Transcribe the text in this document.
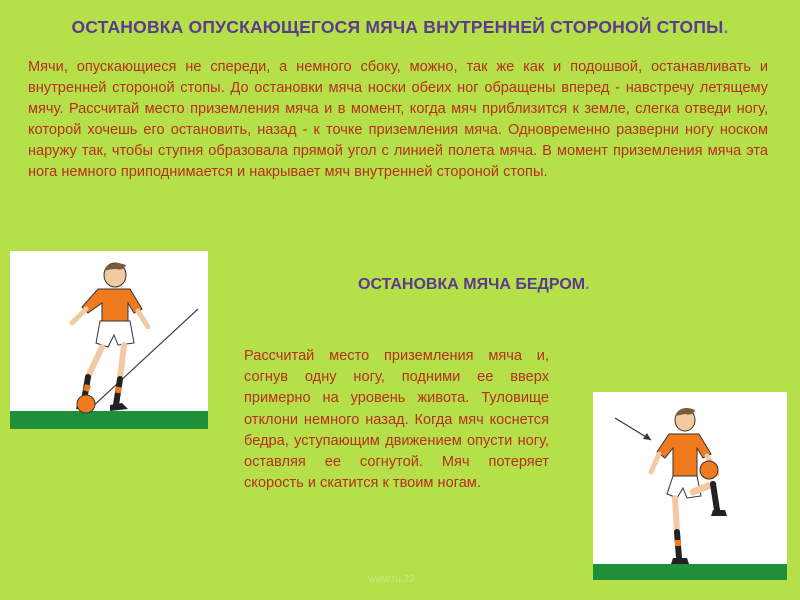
ОСТАНОВКА ОПУСКАЮЩЕГОСЯ МЯЧА ВНУТРЕННЕЙ СТОРОНОЙ СТОПЫ.

Мячи, опускающиеся не спереди, а немного сбоку, можно, так же как и подошвой, останавливать и внутренней стороной стопы. До остановки мяча носки обеих ног обращены вперед - навстречу летящему мячу. Рассчитай место приземления мяча и в момент, когда мяч приблизится к земле, слегка отведи ногу, которой хочешь его остановить, назад - к точке приземления мяча. Одновременно разверни ногу носком наружу так, чтобы ступня образовала прямой угол с линией полета мяча. В момент приземления мяча эта нога немного приподнимается и накрывает мяч внутренней стороной стопы.

ОСТАНОВКА МЯЧА БЕДРОМ.

Рассчитай место приземления мяча и, согнув одну ногу, подними ее вверх примерно на уровень живота. Туловище отклони немного назад. Когда мяч коснется бедра, уступающим движением опусти ногу, оставляя ее согнутой. Мяч потеряет скорость и скатится к твоим ногам.

www.ru.22
